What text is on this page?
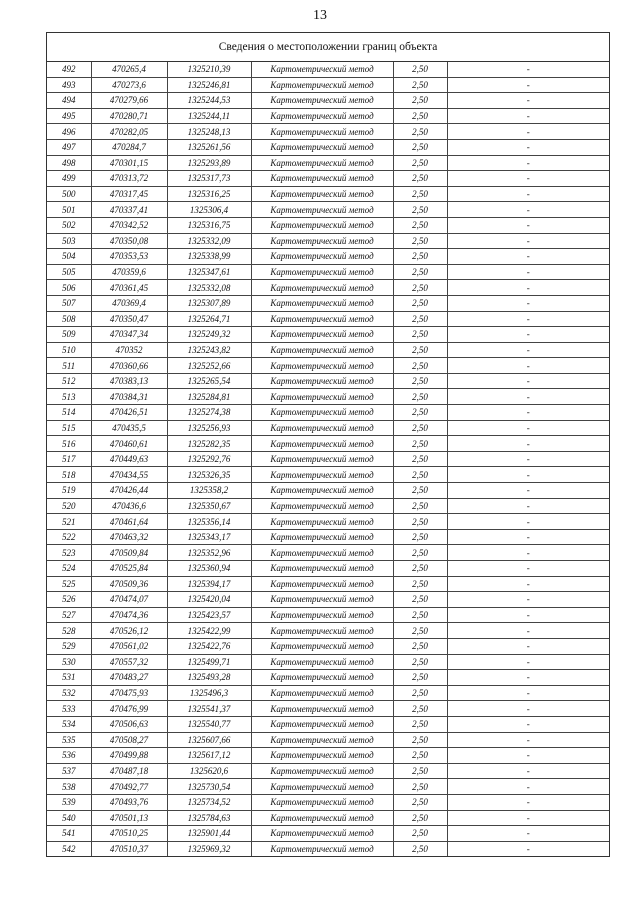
13
Сведения о местоположении границ объекта
492	470265,4	1325210,39	Картометрический метод	2,50	-
493	470273,6	1325246,81	Картометрический метод	2,50	-
494	470279,66	1325244,53	Картометрический метод	2,50	-
495	470280,71	1325244,11	Картометрический метод	2,50	-
496	470282,05	1325248,13	Картометрический метод	2,50	-
497	470284,7	1325261,56	Картометрический метод	2,50	-
498	470301,15	1325293,89	Картометрический метод	2,50	-
499	470313,72	1325317,73	Картометрический метод	2,50	-
500	470317,45	1325316,25	Картометрический метод	2,50	-
501	470337,41	1325306,4	Картометрический метод	2,50	-
502	470342,52	1325316,75	Картометрический метод	2,50	-
503	470350,08	1325332,09	Картометрический метод	2,50	-
504	470353,53	1325338,99	Картометрический метод	2,50	-
505	470359,6	1325347,61	Картометрический метод	2,50	-
506	470361,45	1325332,08	Картометрический метод	2,50	-
507	470369,4	1325307,89	Картометрический метод	2,50	-
508	470350,47	1325264,71	Картометрический метод	2,50	-
509	470347,34	1325249,32	Картометрический метод	2,50	-
510	470352	1325243,82	Картометрический метод	2,50	-
511	470360,66	1325252,66	Картометрический метод	2,50	-
512	470383,13	1325265,54	Картометрический метод	2,50	-
513	470384,31	1325284,81	Картометрический метод	2,50	-
514	470426,51	1325274,38	Картометрический метод	2,50	-
515	470435,5	1325256,93	Картометрический метод	2,50	-
516	470460,61	1325282,35	Картометрический метод	2,50	-
517	470449,63	1325292,76	Картометрический метод	2,50	-
518	470434,55	1325326,35	Картометрический метод	2,50	-
519	470426,44	1325358,2	Картометрический метод	2,50	-
520	470436,6	1325350,67	Картометрический метод	2,50	-
521	470461,64	1325356,14	Картометрический метод	2,50	-
522	470463,32	1325343,17	Картометрический метод	2,50	-
523	470509,84	1325352,96	Картометрический метод	2,50	-
524	470525,84	1325360,94	Картометрический метод	2,50	-
525	470509,36	1325394,17	Картометрический метод	2,50	-
526	470474,07	1325420,04	Картометрический метод	2,50	-
527	470474,36	1325423,57	Картометрический метод	2,50	-
528	470526,12	1325422,99	Картометрический метод	2,50	-
529	470561,02	1325422,76	Картометрический метод	2,50	-
530	470557,32	1325499,71	Картометрический метод	2,50	-
531	470483,27	1325493,28	Картометрический метод	2,50	-
532	470475,93	1325496,3	Картометрический метод	2,50	-
533	470476,99	1325541,37	Картометрический метод	2,50	-
534	470506,63	1325540,77	Картометрический метод	2,50	-
535	470508,27	1325607,66	Картометрический метод	2,50	-
536	470499,88	1325617,12	Картометрический метод	2,50	-
537	470487,18	1325620,6	Картометрический метод	2,50	-
538	470492,77	1325730,54	Картометрический метод	2,50	-
539	470493,76	1325734,52	Картометрический метод	2,50	-
540	470501,13	1325784,63	Картометрический метод	2,50	-
541	470510,25	1325901,44	Картометрический метод	2,50	-
542	470510,37	1325969,32	Картометрический метод	2,50	-
